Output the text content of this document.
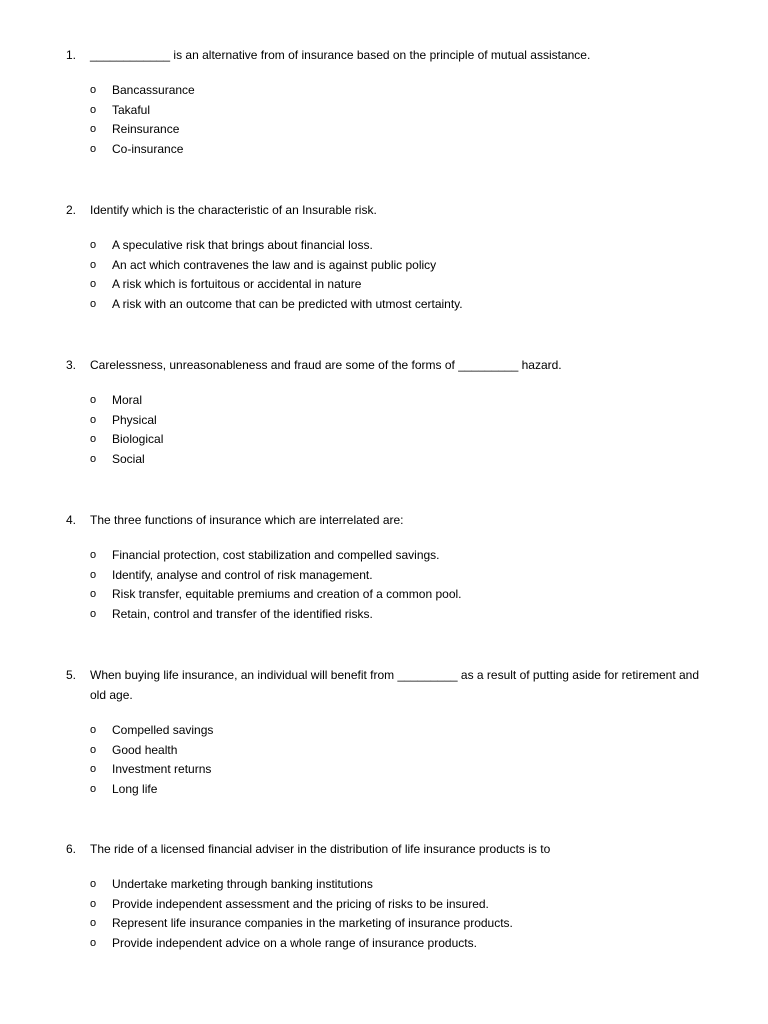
1.	____________ is an alternative from of insurance based on the principle of mutual assistance.
o	Bancassurance
o	Takaful
o	Reinsurance
o	Co-insurance
2.	Identify which is the characteristic of an Insurable risk.
o	A speculative risk that brings about financial loss.
o	An act which contravenes the law and is against public policy
o	A risk which is fortuitous or accidental in nature
o	A risk with an outcome that can be predicted with utmost certainty.
3.	Carelessness, unreasonableness and fraud are some of the forms of _________ hazard.
o	Moral
o	Physical
o	Biological
o	Social
4.	The three functions of insurance which are interrelated are:
o	Financial protection, cost stabilization and compelled savings.
o	Identify, analyse and control of risk management.
o	Risk transfer, equitable premiums and creation of a common pool.
o	Retain, control and transfer of the identified risks.
5.	When buying life insurance, an individual will benefit from _________ as a result of putting aside for retirement and old age.
o	Compelled savings
o	Good health
o	Investment returns
o	Long life
6.	The ride of a licensed financial adviser in the distribution of life insurance products is to
o	Undertake marketing through banking institutions
o	Provide independent assessment and the pricing of risks to be insured.
o	Represent life insurance companies in the marketing of insurance products.
o	Provide independent advice on a whole range of insurance products.
